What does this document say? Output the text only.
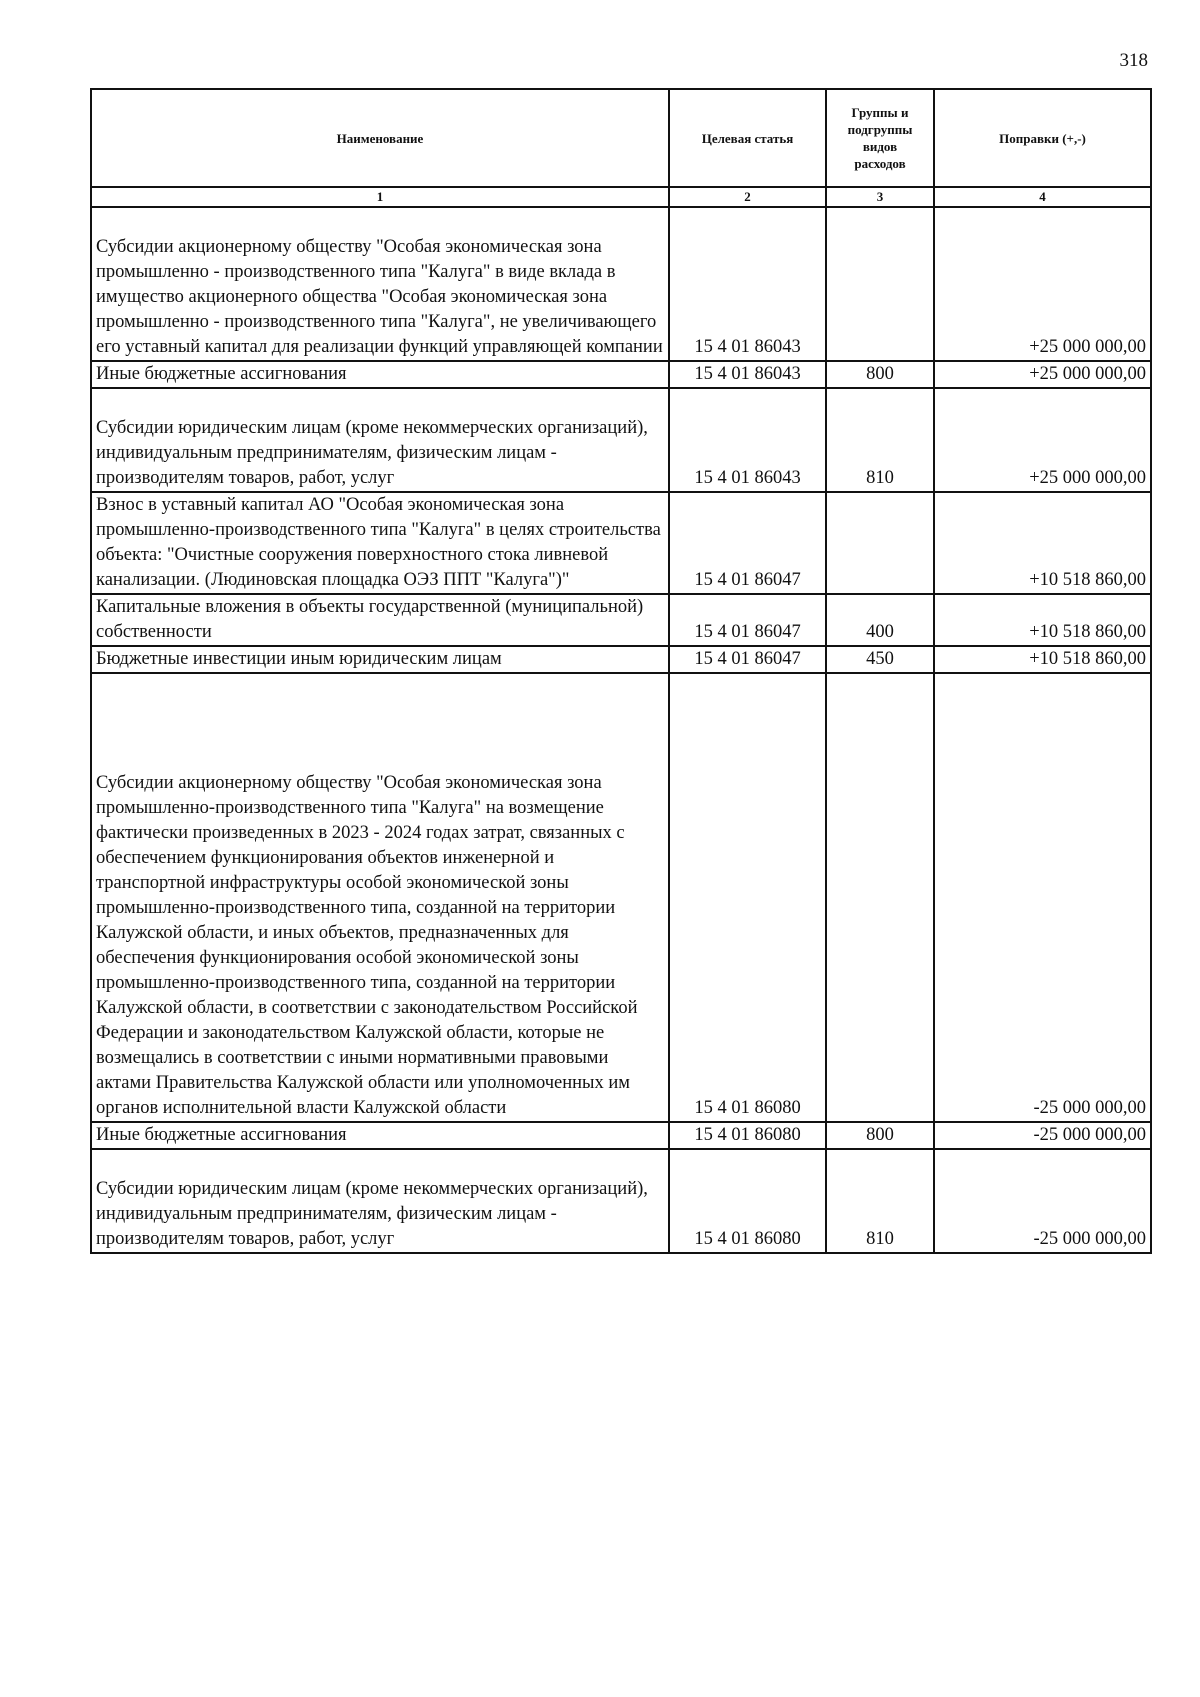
318
Наименование	Целевая статья	Группы и
подгруппы
видов
расходов	Поправки (+,-)
1	2	3	4

Субсидии акционерному обществу "Особая экономическая зона промышленно - производственного типа "Калуга" в виде вклада в имущество акционерного общества "Особая экономическая зона промышленно - производственного типа "Калуга", не увеличивающего его уставный капитал для реализации функций управляющей компании	15 4 01 86043		+25 000 000,00
Иные бюджетные ассигнования	15 4 01 86043	800	+25 000 000,00

Субсидии юридическим лицам (кроме некоммерческих организаций), индивидуальным предпринимателям, физическим лицам - производителям товаров, работ, услуг	15 4 01 86043	810	+25 000 000,00
Взнос в уставный капитал АО "Особая экономическая зона промышленно-производственного типа "Калуга" в целях строительства объекта: "Очистные сооружения поверхностного стока ливневой канализации. (Людиновская площадка ОЭЗ ППТ "Калуга")"	15 4 01 86047		+10 518 860,00
Капитальные вложения в объекты государственной (муниципальной) собственности	15 4 01 86047	400	+10 518 860,00
Бюджетные инвестиции иным юридическим лицам	15 4 01 86047	450	+10 518 860,00

Субсидии акционерному обществу "Особая экономическая зона промышленно-производственного типа "Калуга" на возмещение фактически произведенных в 2023 - 2024 годах затрат, связанных с обеспечением функционирования объектов инженерной и транспортной инфраструктуры особой экономической зоны промышленно-производственного типа, созданной на территории Калужской области, и иных объектов, предназначенных для обеспечения функционирования особой экономической зоны промышленно-производственного типа, созданной на территории Калужской области, в соответствии с законодательством Российской Федерации и законодательством Калужской области, которые не возмещались в соответствии с иными нормативными правовыми актами Правительства Калужской области или уполномоченных им органов исполнительной власти Калужской области	15 4 01 86080		-25 000 000,00
Иные бюджетные ассигнования	15 4 01 86080	800	-25 000 000,00

Субсидии юридическим лицам (кроме некоммерческих организаций), индивидуальным предпринимателям, физическим лицам - производителям товаров, работ, услуг	15 4 01 86080	810	-25 000 000,00
